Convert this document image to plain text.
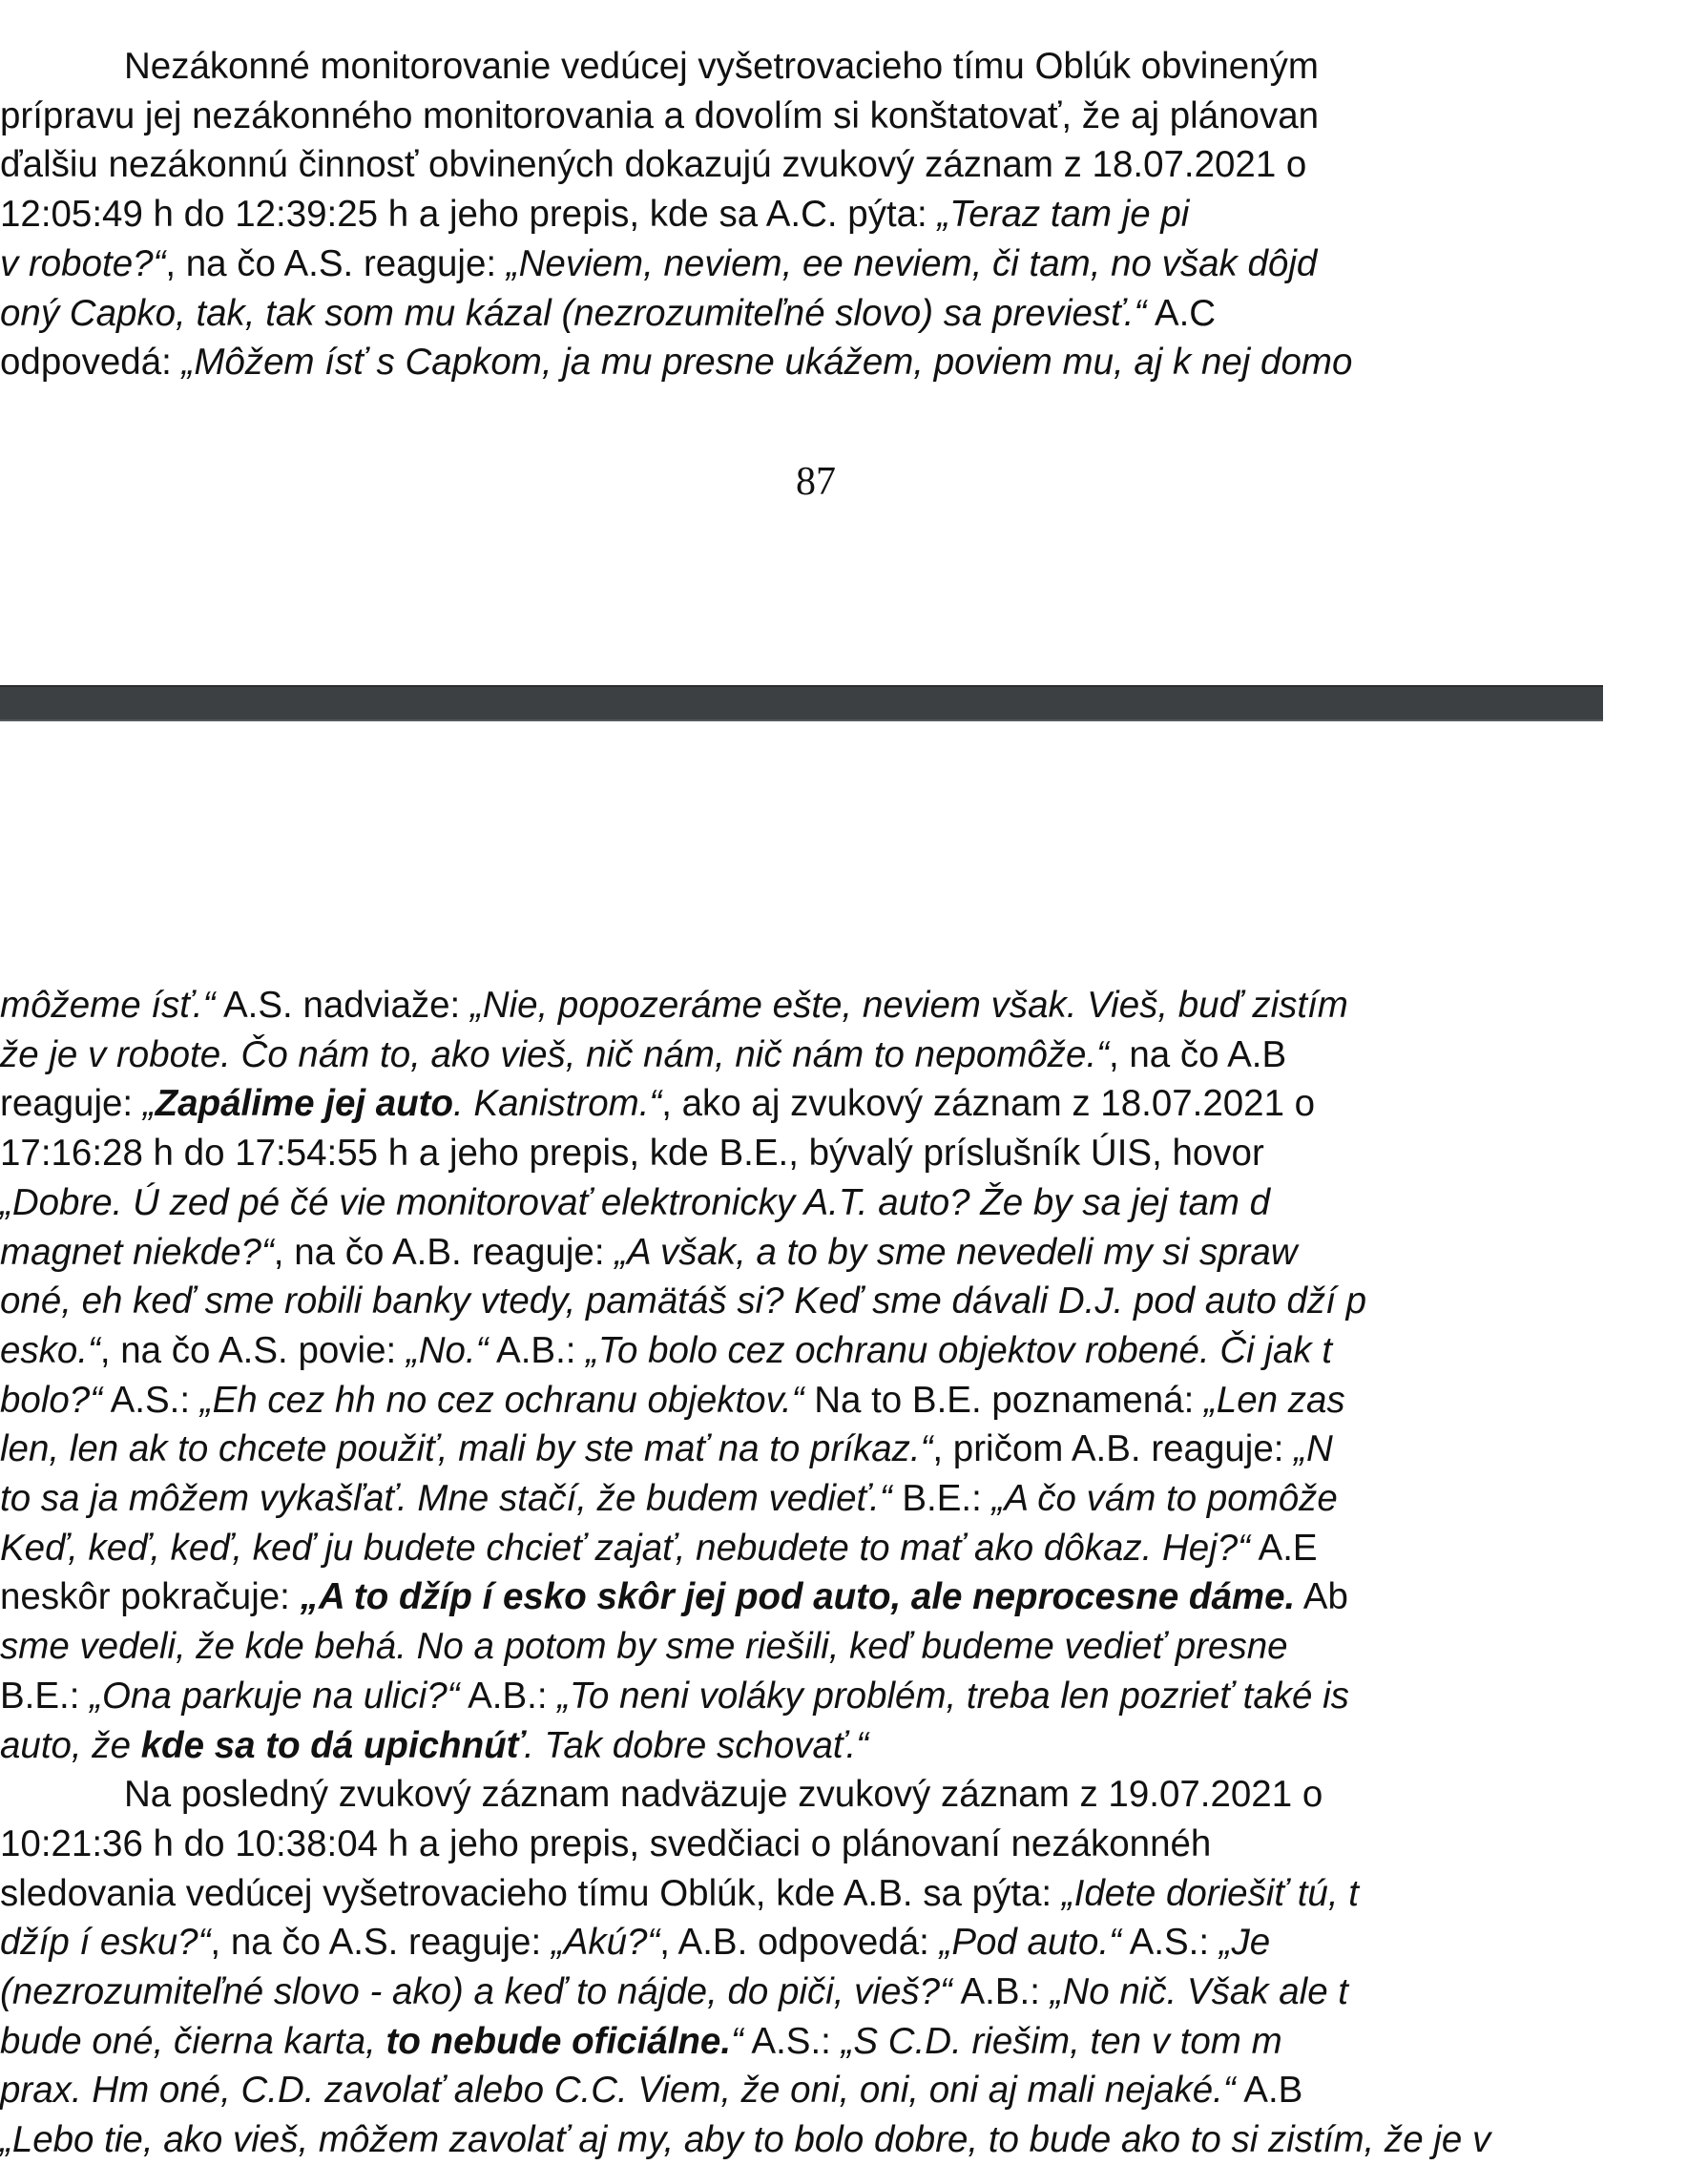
Nezákonné monitorovanie vedúcej vyšetrovacieho tímu Oblúk obvineným
prípravu jej nezákonného monitorovania a dovolím si konštatovať, že aj plánovan
ďalšiu nezákonnú činnosť obvinených dokazujú zvukový záznam z 18.07.2021 o
12:05:49 h do 12:39:25 h a jeho prepis, kde sa A.C. pýta: „Teraz tam je pi
v robote?“, na čo A.S. reaguje: „Neviem, neviem, ee neviem, či tam, no však dôjd
oný Capko, tak, tak som mu kázal (nezrozumiteľné slovo) sa previesť.“ A.C
odpovedá: „Môžem ísť s Capkom, ja mu presne ukážem, poviem mu, aj k nej domo
87
môžeme ísť.“ A.S. nadviaže: „Nie, popozeráme ešte, neviem však. Vieš, buď zistím
že je v robote. Čo nám to, ako vieš, nič nám, nič nám to nepomôže.“, na čo A.B
reaguje: „Zapálime jej auto. Kanistrom.“, ako aj zvukový záznam z 18.07.2021 o
17:16:28 h do 17:54:55 h a jeho prepis, kde B.E., bývalý príslušník ÚIS, hovor
„Dobre. Ú zed pé čé vie monitorovať elektronicky A.T. auto? Že by sa jej tam d
magnet niekde?“, na čo A.B. reaguje: „A však, a to by sme nevedeli my si spraw
oné, eh keď sme robili banky vtedy, pamätáš si? Keď sme dávali D.J. pod auto dží p
esko.“, na čo A.S. povie: „No.“ A.B.: „To bolo cez ochranu objektov robené. Či jak t
bolo?“ A.S.: „Eh cez hh no cez ochranu objektov.“ Na to B.E. poznamená: „Len zas
len, len ak to chcete použiť, mali by ste mať na to príkaz.“, pričom A.B. reaguje: „N
to sa ja môžem vykašľať. Mne stačí, že budem vedieť.“ B.E.: „A čo vám to pomôže
Keď, keď, keď, keď ju budete chcieť zajať, nebudete to mať ako dôkaz. Hej?“ A.E
neskôr pokračuje: „A to džíp í esko skôr jej pod auto, ale neprocesne dáme. Ab
sme vedeli, že kde behá. No a potom by sme riešili, keď budeme vedieť presne
B.E.: „Ona parkuje na ulici?“ A.B.: „To neni voláky problém, treba len pozrieť také is
auto, že kde sa to dá upichnúť. Tak dobre schovať.“
Na posledný zvukový záznam nadväzuje zvukový záznam z 19.07.2021 o
10:21:36 h do 10:38:04 h a jeho prepis, svedčiaci o plánovaní nezákonnéh
sledovania vedúcej vyšetrovacieho tímu Oblúk, kde A.B. sa pýta: „Idete doriešiť tú, t
džíp í esku?“, na čo A.S. reaguje: „Akú?“, A.B. odpovedá: „Pod auto.“ A.S.: „Je
(nezrozumiteľné slovo - ako) a keď to nájde, do piči, vieš?“ A.B.: „No nič. Však ale t
bude oné, čierna karta, to nebude oficiálne.“ A.S.: „S C.D. riešim, ten v tom m
prax. Hm oné, C.D. zavolať alebo C.C. Viem, že oni, oni, oni aj mali nejaké.“ A.B
„Lebo tie, ako vieš, môžem zavolať aj my, aby to bolo dobre, to bude ako to si zistím, že je v
